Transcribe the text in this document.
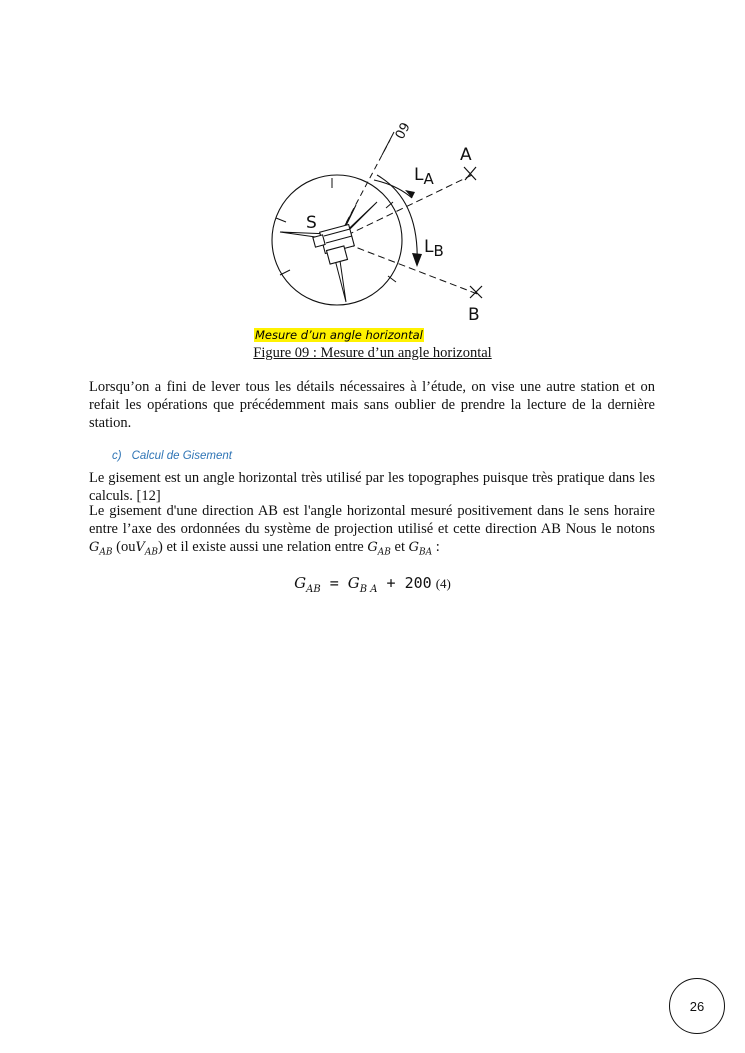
09
A
B
LA
LB
S
Mesure d’un angle horizontal
Figure 09 : Mesure d’un angle horizontal

Lorsqu’on a fini de lever tous les détails nécessaires à l’étude, on vise une autre station et on refait les opérations que précédemment mais sans oublier de prendre la lecture de la dernière station.

c) Calcul de Gisement

Le gisement est un angle horizontal très utilisé par les topographes puisque très pratique dans les calculs. [12]

Le gisement d'une direction AB est l'angle horizontal mesuré positivement dans le sens horaire entre l’axe des ordonnées du système de projection utilisé et cette direction AB Nous le notons $G_{AB}$ (ouV$_{AB}$) et il existe aussi une relation entre $G_{AB}$ et $G_{BA}$ :

$G_{AB} = G_{B A} + 200$ (4)
26
